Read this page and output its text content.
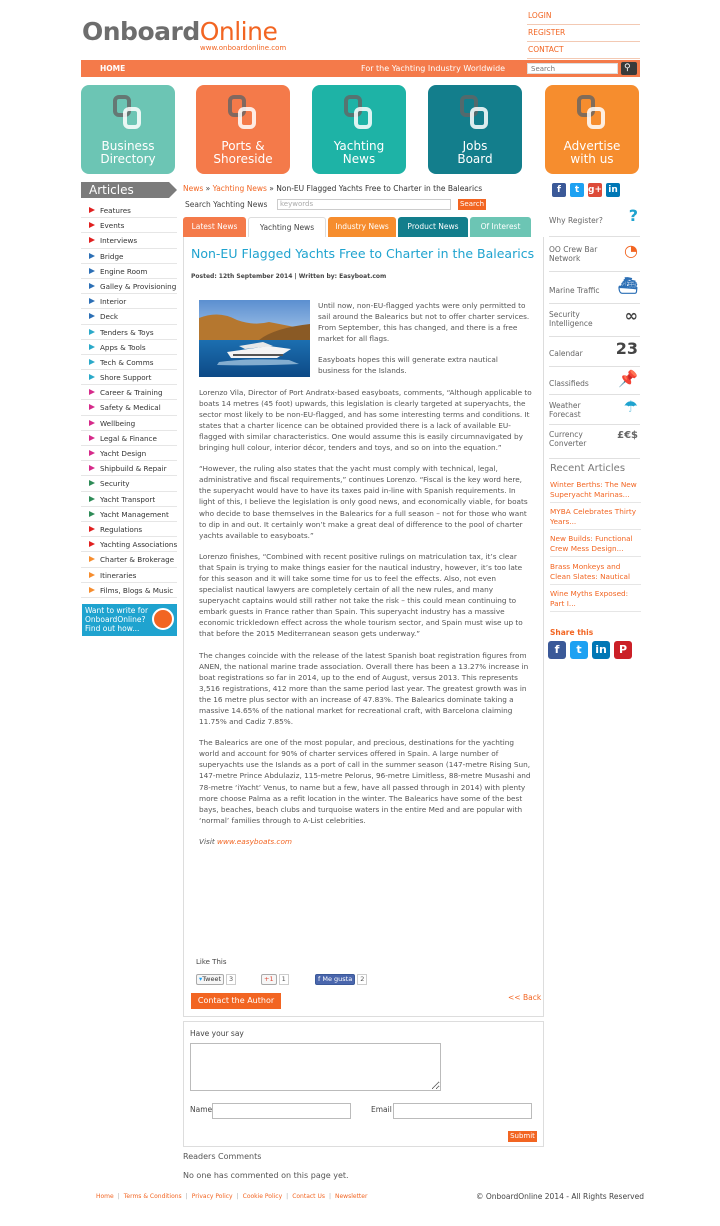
OnboardOnline
www.onboardonline.com
LOGIN
REGISTER
CONTACT
HOME	For the Yachting Industry Worldwide
Search	⚲
Business
Directory
Ports &
Shoreside
Yachting
News
Jobs
Board
Advertise
with us
Articles
Features
Events
Interviews
Bridge
Engine Room
Galley & Provisioning
Interior
Deck
Tenders & Toys
Apps & Tools
Tech & Comms
Shore Support
Career & Training
Safety & Medical
Wellbeing
Legal & Finance
Yacht Design
Shipbuild & Repair
Security
Yacht Transport
Yacht Management
Regulations
Yachting Associations
Charter & Brokerage
Itineraries
Films, Blogs & Music
Want to write for
OnboardOnline?
Find out how...
News » Yachting News » Non-EU Flagged Yachts Free to Charter in the Balearics
Search Yachting News	keywords	Search
Latest News	Yachting News	Industry News	Product News	Of Interest
Non-EU Flagged Yachts Free to Charter in the Balearics
Posted: 12th September 2014 | Written by: Easyboat.com

Until now, non-EU-flagged yachts were only permitted to sail around the Balearics but not to offer charter services. From September, this has changed, and there is a free market for all flags.

Easyboats hopes this will generate extra nautical business for the Islands.

Lorenzo Vila, Director of Port Andratx-based easyboats, comments, “Although applicable to boats 14 metres (45 foot) upwards, this legislation is clearly targeted at superyachts, the sector most likely to be non-EU-flagged, and has some interesting terms and conditions. It states that a charter licence can be obtained provided there is a lack of available EU-flagged with similar characteristics. One would assume this is easily circumnavigated by bringing hull colour, interior décor, tenders and toys, and so on into the equation.”

“However, the ruling also states that the yacht must comply with technical, legal, administrative and fiscal requirements,” continues Lorenzo. “Fiscal is the key word here, the superyacht would have to have its taxes paid in-line with Spanish requirements. In light of this, I believe the legislation is only good news, and economically viable, for boats who decide to base themselves in the Balearics for a full season – not for those who want to dip in and out. It certainly won’t make a great deal of difference to the pool of charter yachts available to easyboats.”

Lorenzo finishes, “Combined with recent positive rulings on matriculation tax, it’s clear that Spain is trying to make things easier for the nautical industry, however, it’s too late for this season and it will take some time for us to feel the effects. Also, not even specialist nautical lawyers are completely certain of all the new rules, and many superyacht captains would still rather not take the risk – this could mean continuing to embark guests in France rather than Spain. This superyacht industry has a massive economic trickledown effect across the whole tourism sector, and Spain must wise up to that before the 2015 Mediterranean season gets underway.”

The changes coincide with the release of the latest Spanish boat registration figures from ANEN, the national marine trade association. Overall there has been a 13.27% increase in boat registrations so far in 2014, up to the end of August, versus 2013. This represents 3,516 registrations, 412 more than the same period last year. The greatest growth was in the 16 metre plus sector with an increase of 47.83%. The Balearics dominate taking a massive 14.65% of the national market for recreational craft, with Barcelona claiming 11.75% and Cadiz 7.85%.

The Balearics are one of the most popular, and precious, destinations for the yachting world and account for 90% of charter services offered in Spain. A large number of superyachts use the Islands as a port of call in the summer season (147-metre Rising Sun, 147-metre Prince Abdulaziz, 115-metre Pelorus, 96-metre Limitless, 88-metre Musashi and 78-metre ‘iYacht’ Venus, to name but a few, have all passed through in 2014) with plenty more choose Palma as a refit location in the winter. The Balearics have some of the best bays, beaches, beach clubs and turquoise waters in the entire Med and are popular with ‘normal’ families through to A-List celebrities.

Visit www.easyboats.com

Like This
▾Tweet 3	+1 1	f Me gusta 2
Contact the Author	<< Back
Have your say
Name	Email
Submit
Readers Comments
No one has commented on this page yet.
f t g+ in
Why Register? ?
OO Crew Bar Network	◔
Marine Traffic	⛴
Security Intelligence	∞
Calendar	23
Classifieds	📌
Weather Forecast	☂
Currency Converter
£€$
Recent Articles
Winter Berths: The New Superyacht Marinas...
MYBA Celebrates Thirty Years...
New Builds: Functional Crew Mess Design...
Brass Monkeys and Clean Slates: Nautical
Wine Myths Exposed: Part I...
Share this
f t in P
Home | Terms & Conditions | Privacy Policy | Cookie Policy | Contact Us | Newsletter	© OnboardOnline 2014 - All Rights Reserved
